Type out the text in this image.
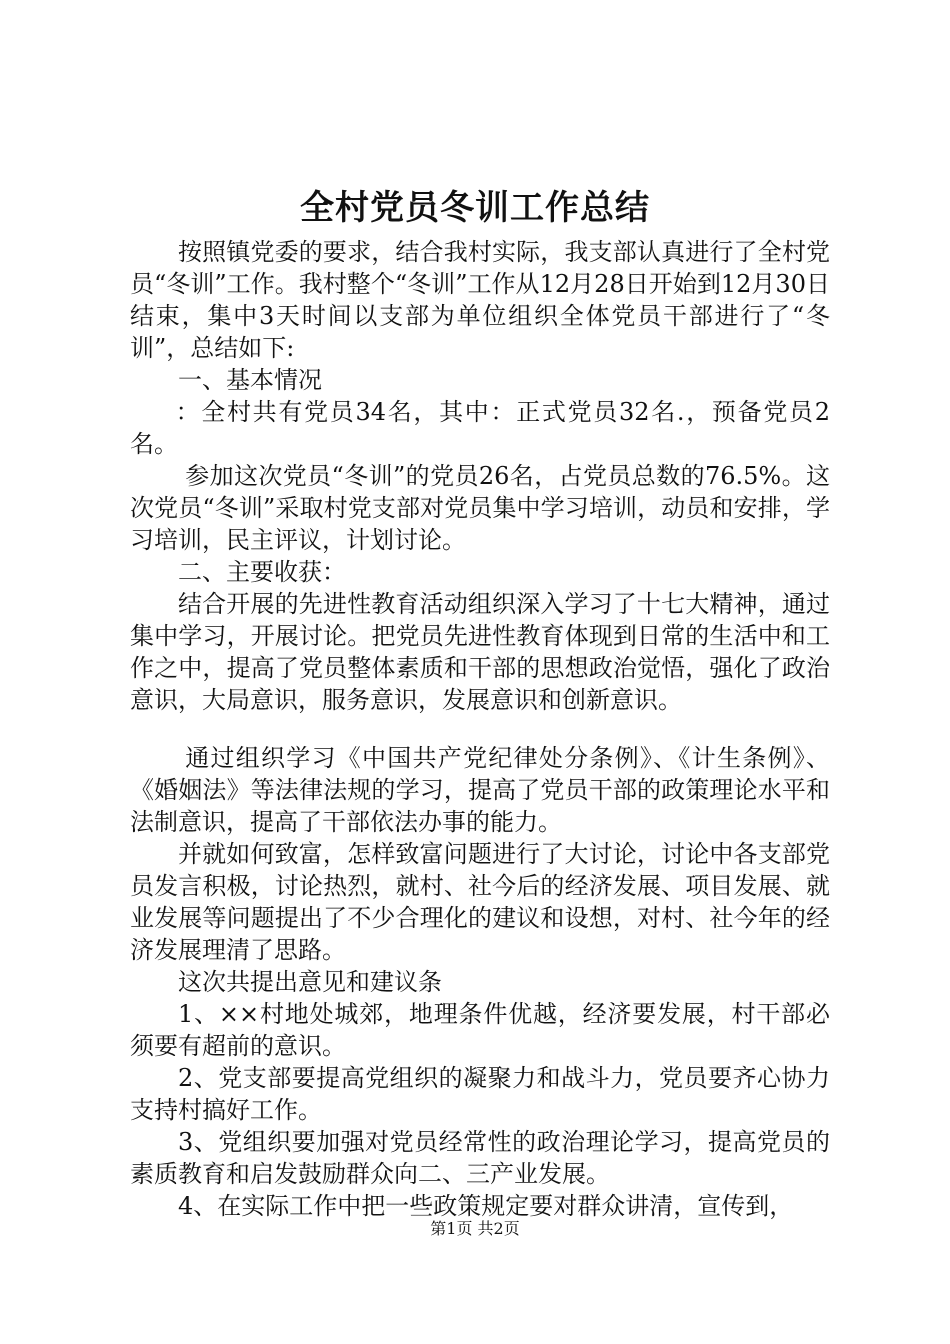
全村党员冬训工作总结

按照镇党委的要求，结合我村实际，我支部认真进行了全村党员“冬训”工作。我村整个“冬训”工作从12月28日开始到12月30日结束，集中3天时间以支部为单位组织全体党员干部进行了“冬训”，总结如下:

一、基本情况

：全村共有党员34名，其中：正式党员32名.，预备党员2名。

参加这次党员“冬训”的党员26名，占党员总数的76.5%。这次党员“冬训”采取村党支部对党员集中学习培训，动员和安排，学习培训，民主评议，计划讨论。

二、主要收获：

结合开展的先进性教育活动组织深入学习了十七大精神，通过集中学习，开展讨论。把党员先进性教育体现到日常的生活中和工作之中，提高了党员整体素质和干部的思想政治觉悟，强化了政治意识，大局意识，服务意识，发展意识和创新意识。

通过组织学习《中国共产党纪律处分条例》、《计生条例》、《婚姻法》等法律法规的学习，提高了党员干部的政策理论水平和法制意识，提高了干部依法办事的能力。

并就如何致富，怎样致富问题进行了大讨论，讨论中各支部党员发言积极，讨论热烈，就村、社今后的经济发展、项目发展、就业发展等问题提出了不少合理化的建议和设想，对村、社今年的经济发展理清了思路。

这次共提出意见和建议条

1、××村地处城郊，地理条件优越，经济要发展，村干部必须要有超前的意识。

2、党支部要提高党组织的凝聚力和战斗力，党员要齐心协力支持村搞好工作。

3、党组织要加强对党员经常性的政治理论学习，提高党员的素质教育和启发鼓励群众向二、三产业发展。

4、在实际工作中把一些政策规定要对群众讲清，宣传到，

第1页 共2页
